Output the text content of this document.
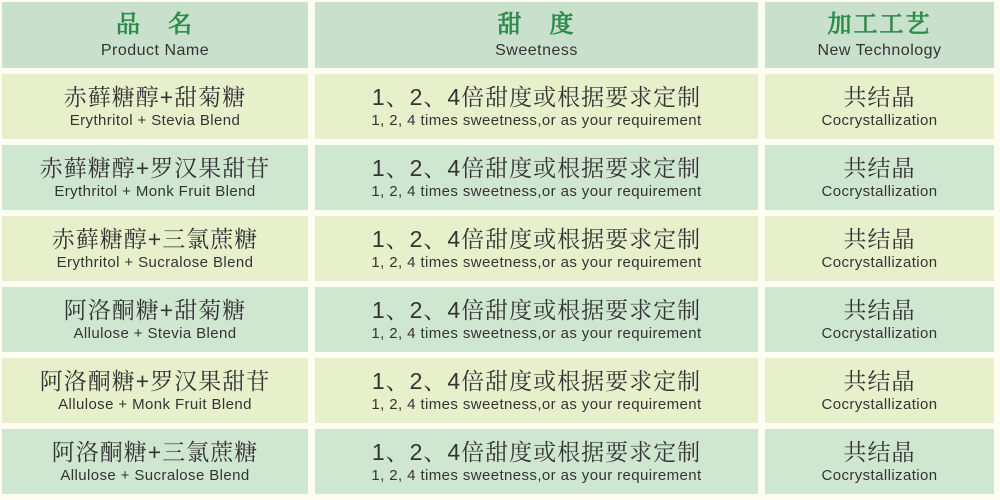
品　名
Product Name
甜　度
Sweetness
加工工艺
New Technology
赤藓糖醇+甜菊糖
Erythritol + Stevia Blend
1、2、4倍甜度或根据要求定制
1, 2, 4 times sweetness,or as your requirement
共结晶
Cocrystallization
赤藓糖醇+罗汉果甜苷
Erythritol + Monk Fruit Blend
1、2、4倍甜度或根据要求定制
1, 2, 4 times sweetness,or as your requirement
共结晶
Cocrystallization
赤藓糖醇+三氯蔗糖
Erythritol + Sucralose Blend
1、2、4倍甜度或根据要求定制
1, 2, 4 times sweetness,or as your requirement
共结晶
Cocrystallization
阿洛酮糖+甜菊糖
Allulose + Stevia Blend
1、2、4倍甜度或根据要求定制
1, 2, 4 times sweetness,or as your requirement
共结晶
Cocrystallization
阿洛酮糖+罗汉果甜苷
Allulose + Monk Fruit Blend
1、2、4倍甜度或根据要求定制
1, 2, 4 times sweetness,or as your requirement
共结晶
Cocrystallization
阿洛酮糖+三氯蔗糖
Allulose + Sucralose Blend
1、2、4倍甜度或根据要求定制
1, 2, 4 times sweetness,or as your requirement
共结晶
Cocrystallization
